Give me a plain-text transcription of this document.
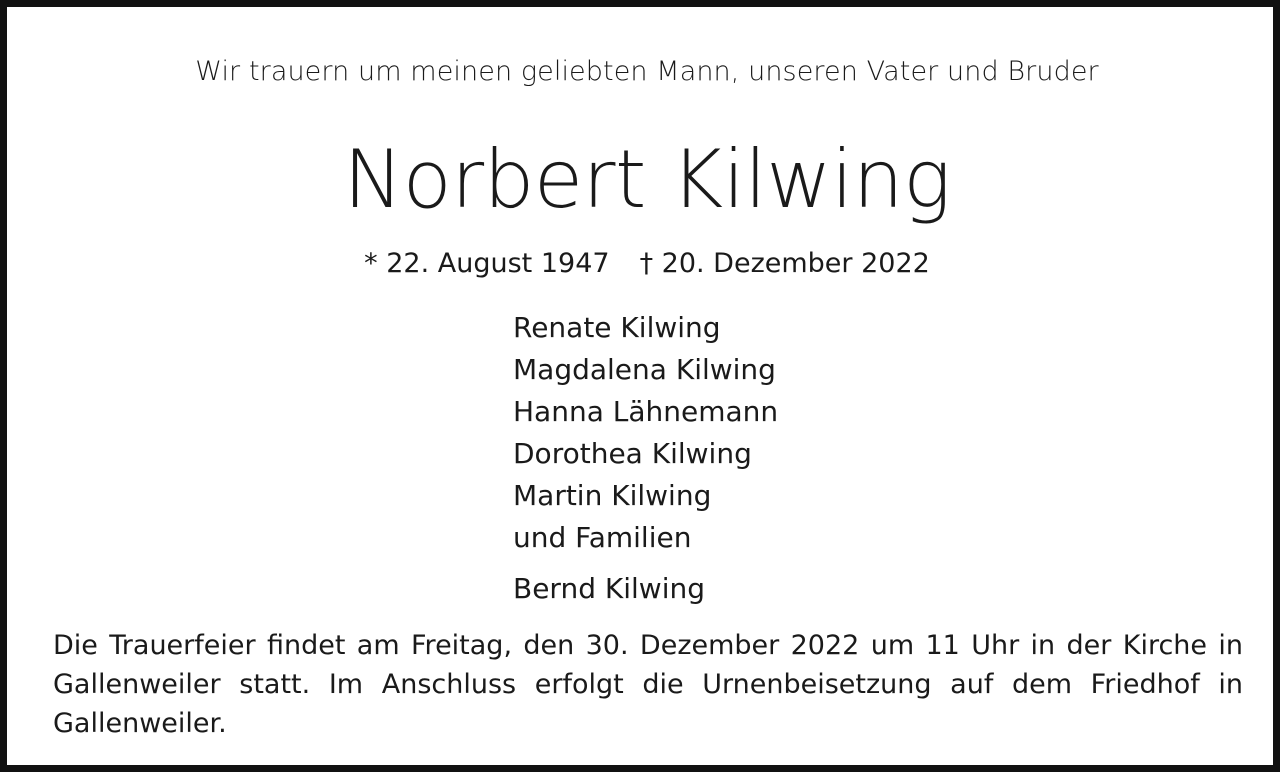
Wir trauern um meinen geliebten Mann, unseren Vater und Bruder
Norbert Kilwing
* 22. August 1947 † 20. Dezember 2022
Renate Kilwing
Magdalena Kilwing
Hanna Lähnemann
Dorothea Kilwing
Martin Kilwing
und Familien
Bernd Kilwing
Die Trauerfeier findet am Freitag, den 30. Dezember 2022 um 11 Uhr in der Kirche in Gallenweiler statt. Im Anschluss erfolgt die Urnenbeisetzung auf dem Friedhof in Gallenweiler.
